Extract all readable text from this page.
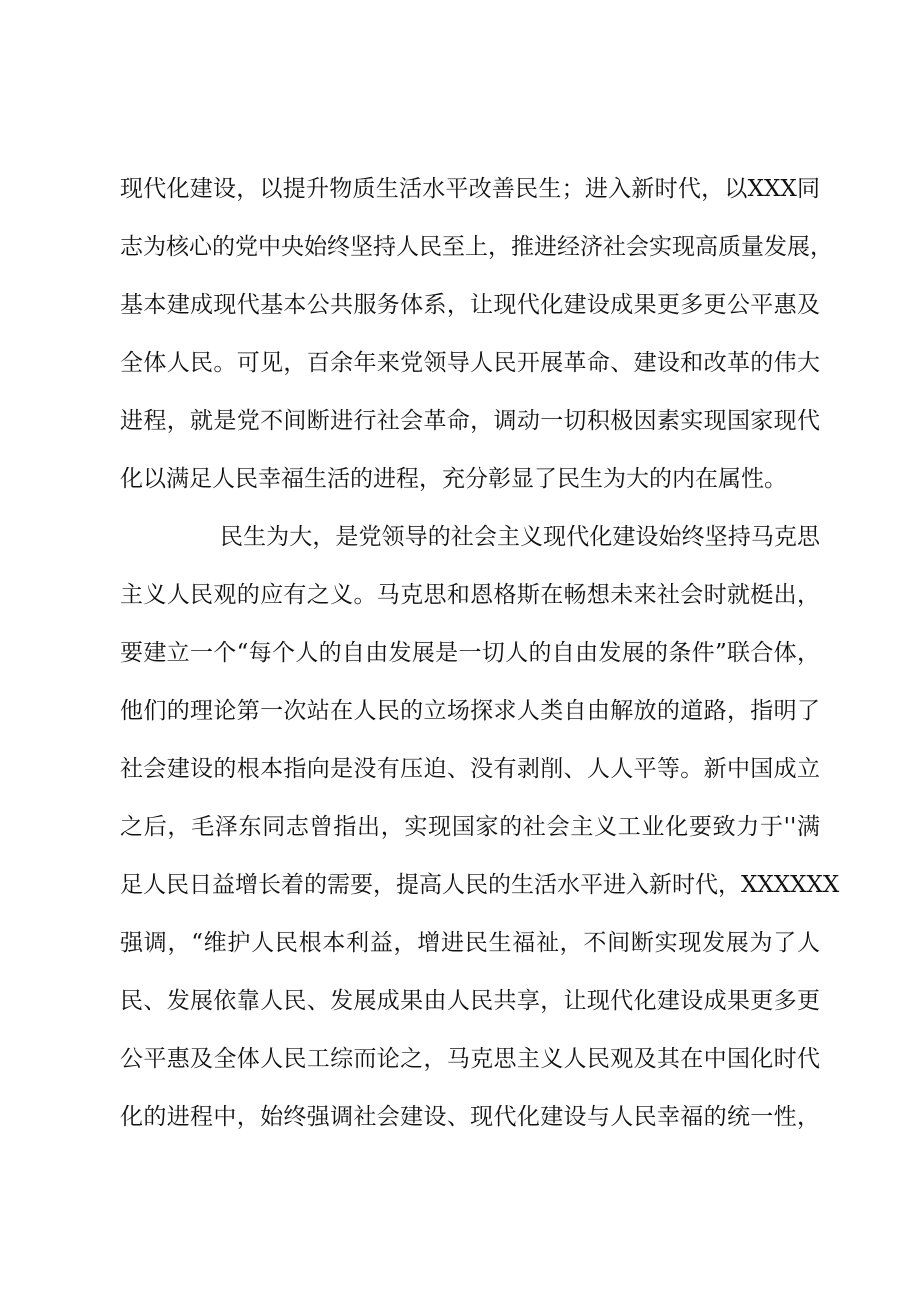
现代化建设，以提升物质生活水平改善民生；进入新时代，以XXX同
志为核心的党中央始终坚持人民至上，推进经济社会实现高质量发展，
基本建成现代基本公共服务体系，让现代化建设成果更多更公平惠及
全体人民。可见，百余年来党领导人民开展革命、建设和改革的伟大
进程，就是党不间断进行社会革命，调动一切积极因素实现国家现代
化以满足人民幸福生活的进程，充分彰显了民生为大的内在属性。
民生为大，是党领导的社会主义现代化建设始终坚持马克思
主义人民观的应有之义。马克思和恩格斯在畅想未来社会时就梃出，
要建立一个“每个人的自由发展是一切人的自由发展的条件”联合体，
他们的理论第一次站在人民的立场探求人类自由解放的道路，指明了
社会建设的根本指向是没有压迫、没有剥削、人人平等。新中国成立
之后，毛泽东同志曾指出，实现国家的社会主义工业化要致力于''满
足人民日益增长着的需要，提高人民的生活水平进入新时代，XXXXXX
强调，“维护人民根本利益，增进民生福祉，不间断实现发展为了人
民、发展依靠人民、发展成果由人民共享，让现代化建设成果更多更
公平惠及全体人民工综而论之，马克思主义人民观及其在中国化时代
化的进程中，始终强调社会建设、现代化建设与人民幸福的统一性，
